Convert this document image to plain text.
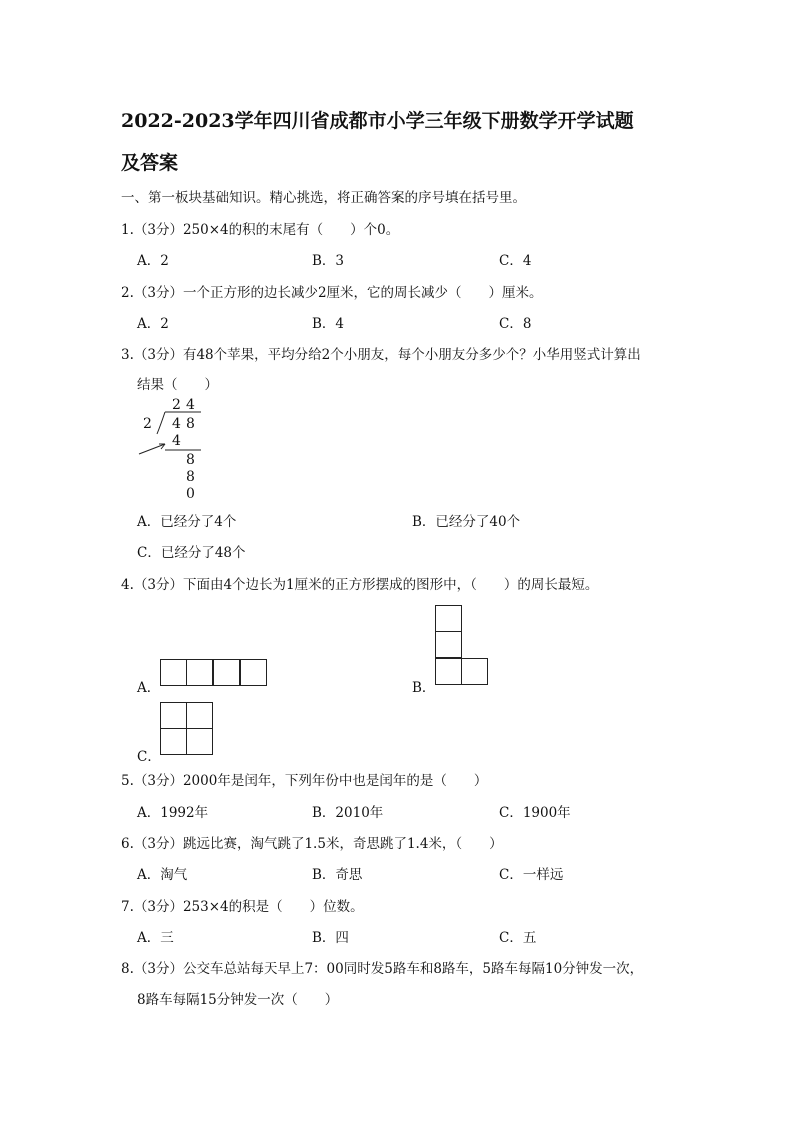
2022-2023学年四川省成都市小学三年级下册数学开学试题
及答案
一、第一板块基础知识。精心挑选，将正确答案的序号填在括号里。
1.（3分）250×4的积的末尾有（　　）个0。
A．2	B．3	C．4
2.（3分）一个正方形的边长减少2厘米，它的周长减少（　　）厘米。
A．2	B．4	C．8
3.（3分）有48个苹果，平均分给2个小朋友，每个小朋友分多少个？小华用竖式计算出
结果（　　）
2 4
2 4 8
4
8
8
0
A．已经分了4个	B．已经分了40个
C．已经分了48个
4.（3分）下面由4个边长为1厘米的正方形摆成的图形中，（　　）的周长最短。
A．	B．
C．
5.（3分）2000年是闰年，下列年份中也是闰年的是（　　）
A．1992年	B．2010年	C．1900年
6.（3分）跳远比赛，淘气跳了1.5米，奇思跳了1.4米，（　　）
A．淘气	B．奇思	C．一样远
7.（3分）253×4的积是（　　）位数。
A．三	B．四	C．五
8.（3分）公交车总站每天早上7：00同时发5路车和8路车，5路车每隔10分钟发一次，
8路车每隔15分钟发一次（　　）
